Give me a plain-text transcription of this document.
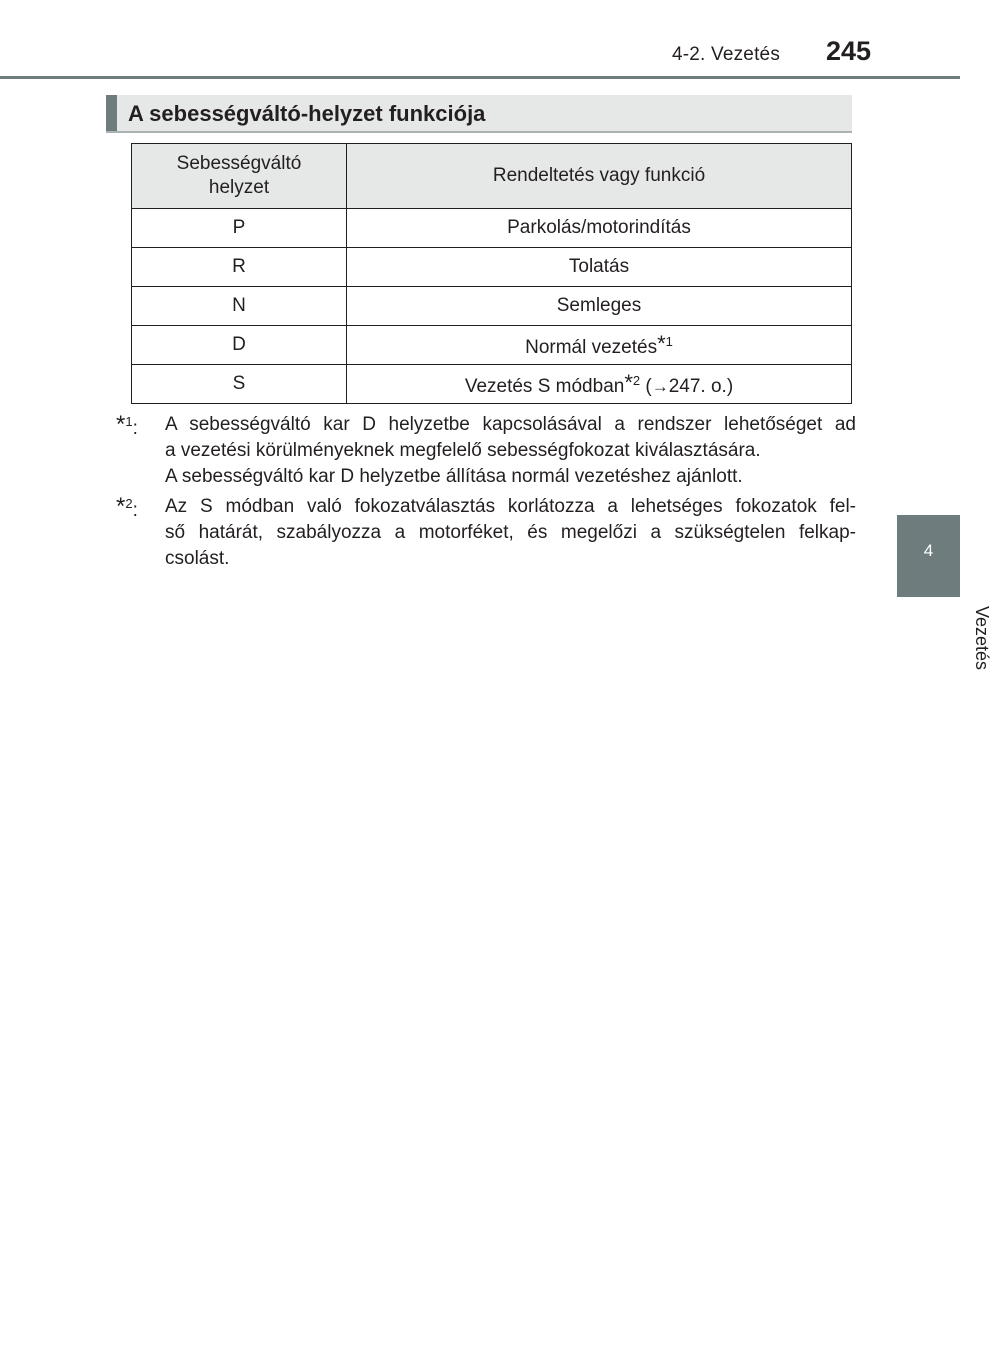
4-2. Vezetés 245
4
Vezetés
A sebességváltó-helyzet funkciója
Sebességváltó
helyzet	Rendeltetés vagy funkció
P	Parkolás/motorindítás
R	Tolatás
N	Semleges
D	Normál vezetés*$^1$
S	Vezetés S módban*$^2$ (→247. o.)
*$^1$: A sebességváltó kar D helyzetbe kapcsolásával a rendszer lehetőséget ad
a vezetési körülményeknek megfelelő sebességfokozat kiválasztására.
A sebességváltó kar D helyzetbe állítása normál vezetéshez ajánlott.
*$^2$: Az S módban való fokozatválasztás korlátozza a lehetséges fokozatok fel-
ső határát, szabályozza a motorféket, és megelőzi a szükségtelen felkap-
csolást.
